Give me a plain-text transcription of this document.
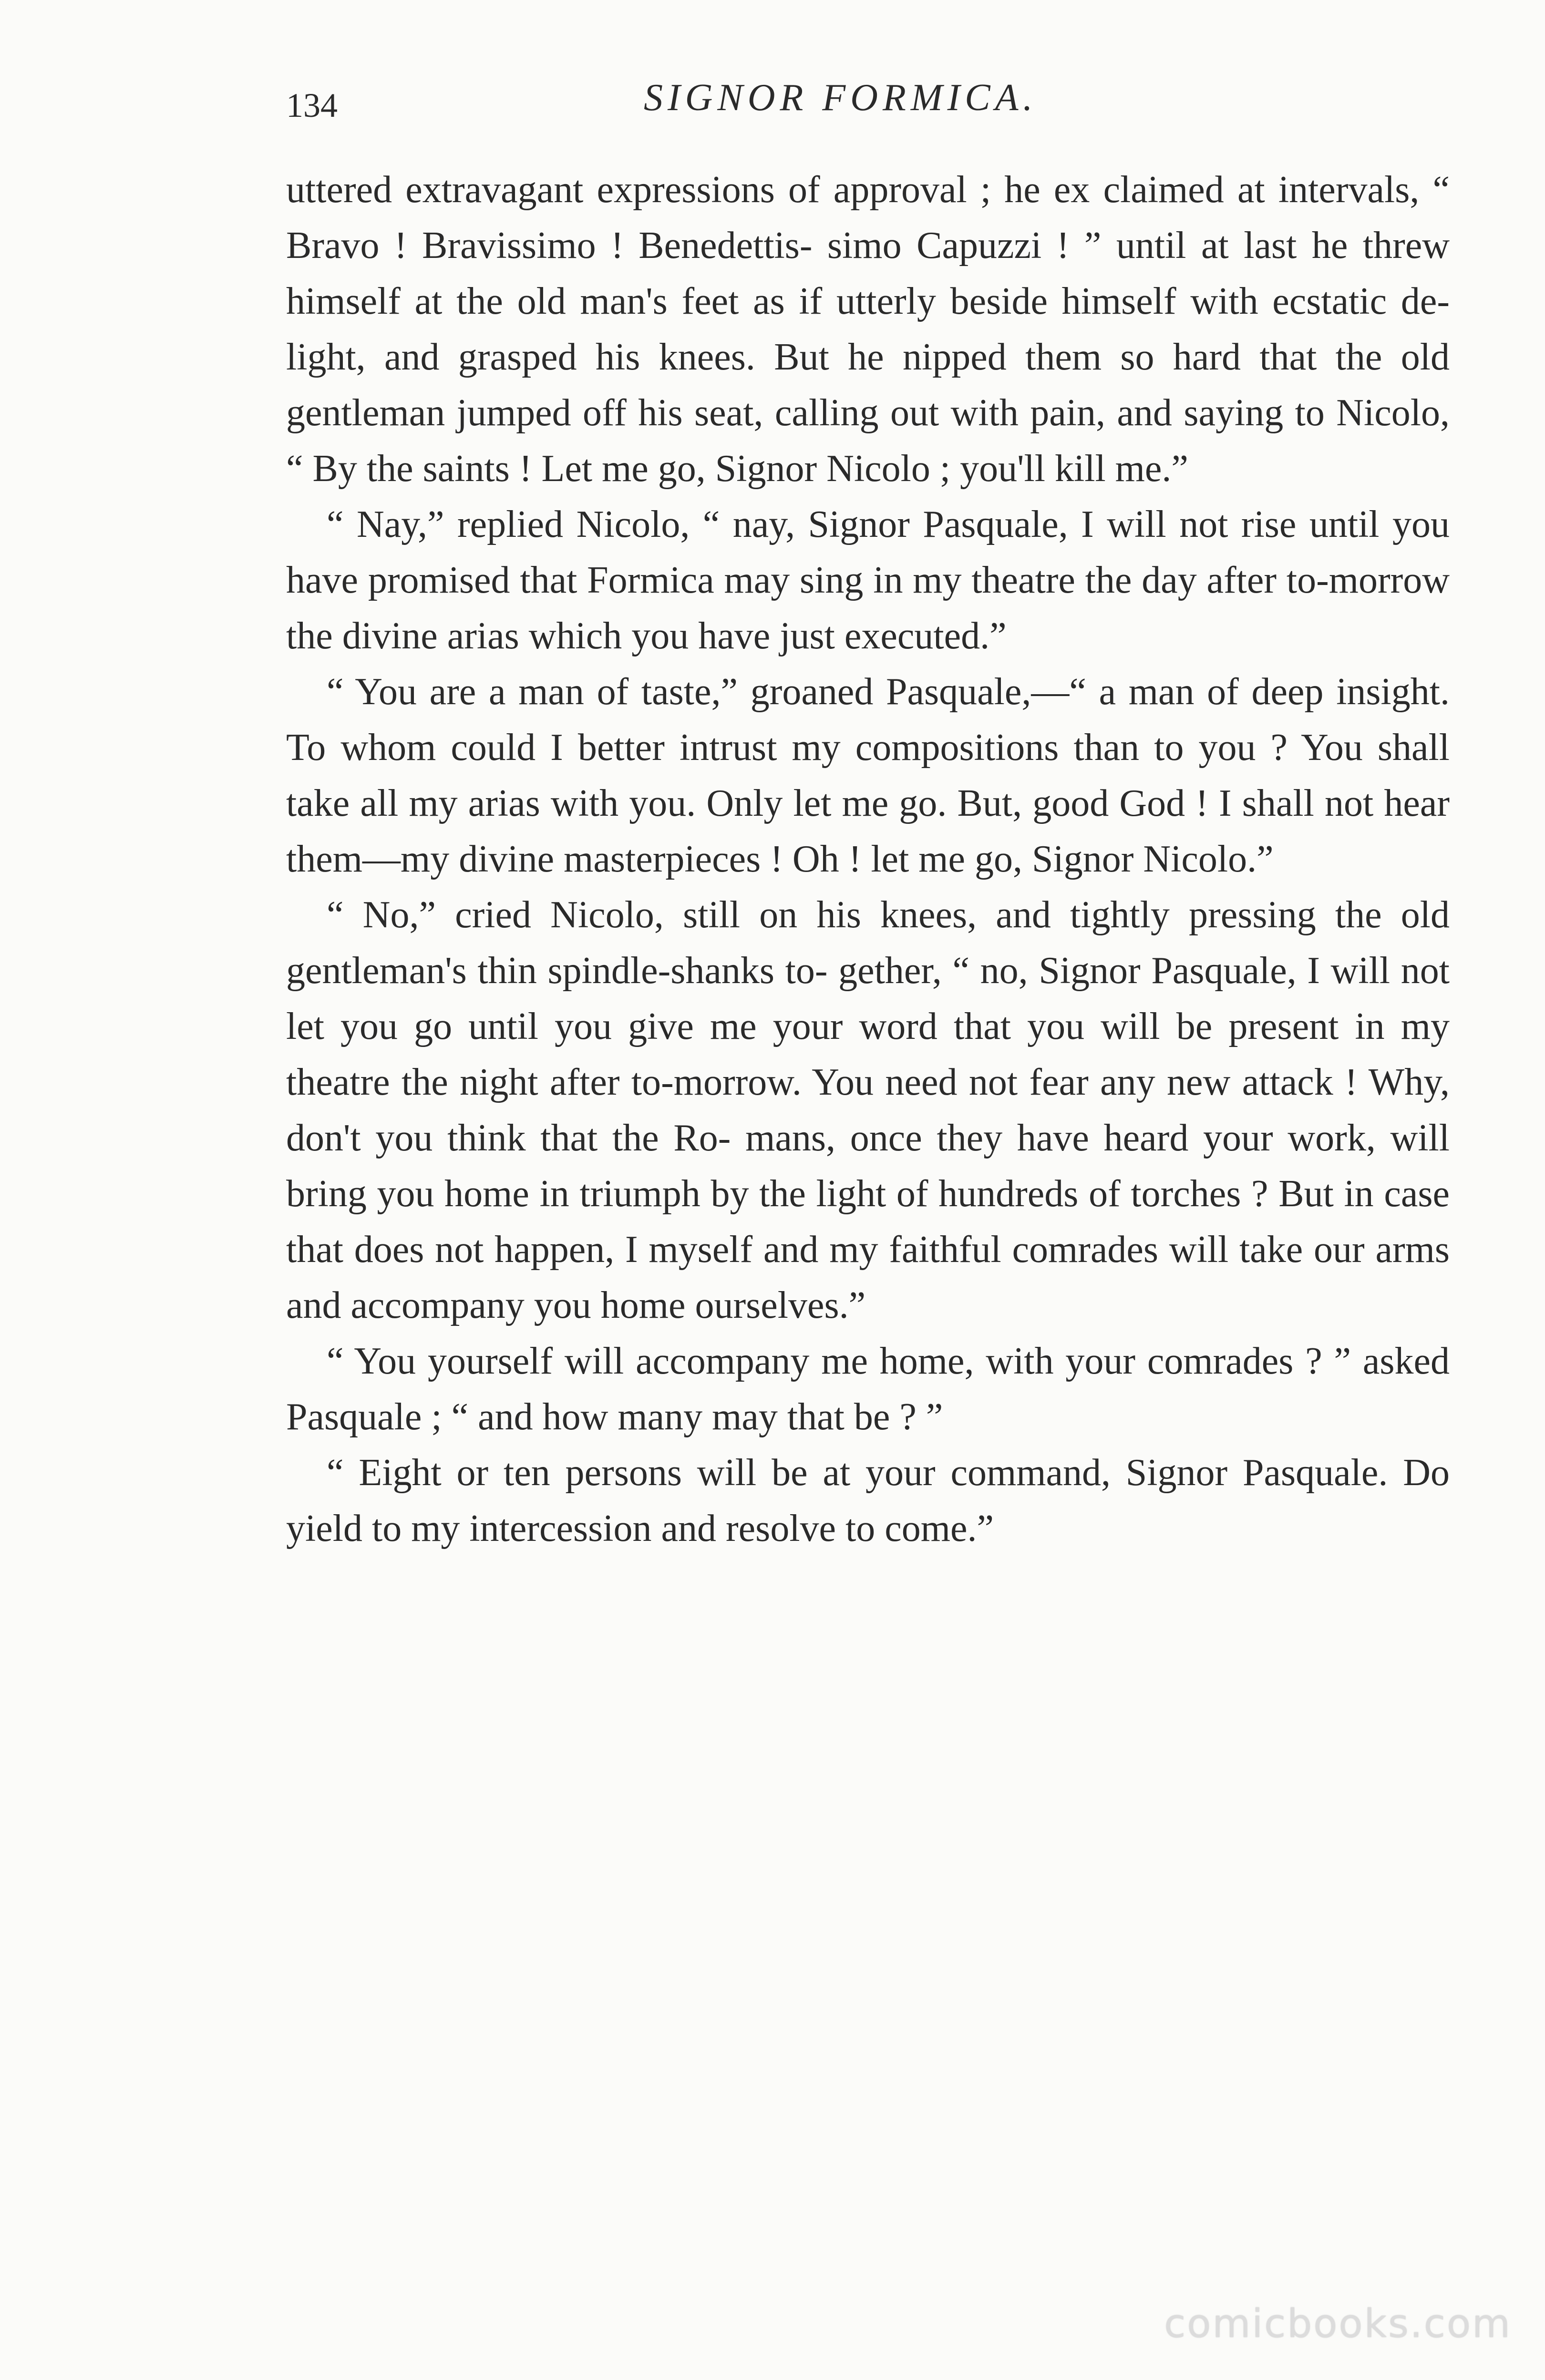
134	SIGNOR FORMICA.

uttered extravagant expressions of approval ; he ex claimed at intervals, “ Bravo ! Bravissimo ! Benedettis- simo Capuzzi ! ” until at last he threw himself at the old man's feet as if utterly beside himself with ecstatic de- light, and grasped his knees. But he nipped them so hard that the old gentleman jumped off his seat, calling out with pain, and saying to Nicolo, “ By the saints ! Let me go, Signor Nicolo ; you'll kill me.”

“ Nay,” replied Nicolo, “ nay, Signor Pasquale, I will not rise until you have promised that Formica may sing in my theatre the day after to-morrow the divine arias which you have just executed.”

“ You are a man of taste,” groaned Pasquale,—“ a man of deep insight. To whom could I better intrust my compositions than to you ? You shall take all my arias with you. Only let me go. But, good God ! I shall not hear them—my divine masterpieces ! Oh ! let me go, Signor Nicolo.”

“ No,” cried Nicolo, still on his knees, and tightly pressing the old gentleman's thin spindle-shanks to- gether, “ no, Signor Pasquale, I will not let you go until you give me your word that you will be present in my theatre the night after to-morrow. You need not fear any new attack ! Why, don't you think that the Ro- mans, once they have heard your work, will bring you home in triumph by the light of hundreds of torches ? But in case that does not happen, I myself and my faithful comrades will take our arms and accompany you home ourselves.”

“ You yourself will accompany me home, with your comrades ? ” asked Pasquale ; “ and how many may that be ? ”

“ Eight or ten persons will be at your command, Signor Pasquale. Do yield to my intercession and resolve to come.”

comicbooks.com
